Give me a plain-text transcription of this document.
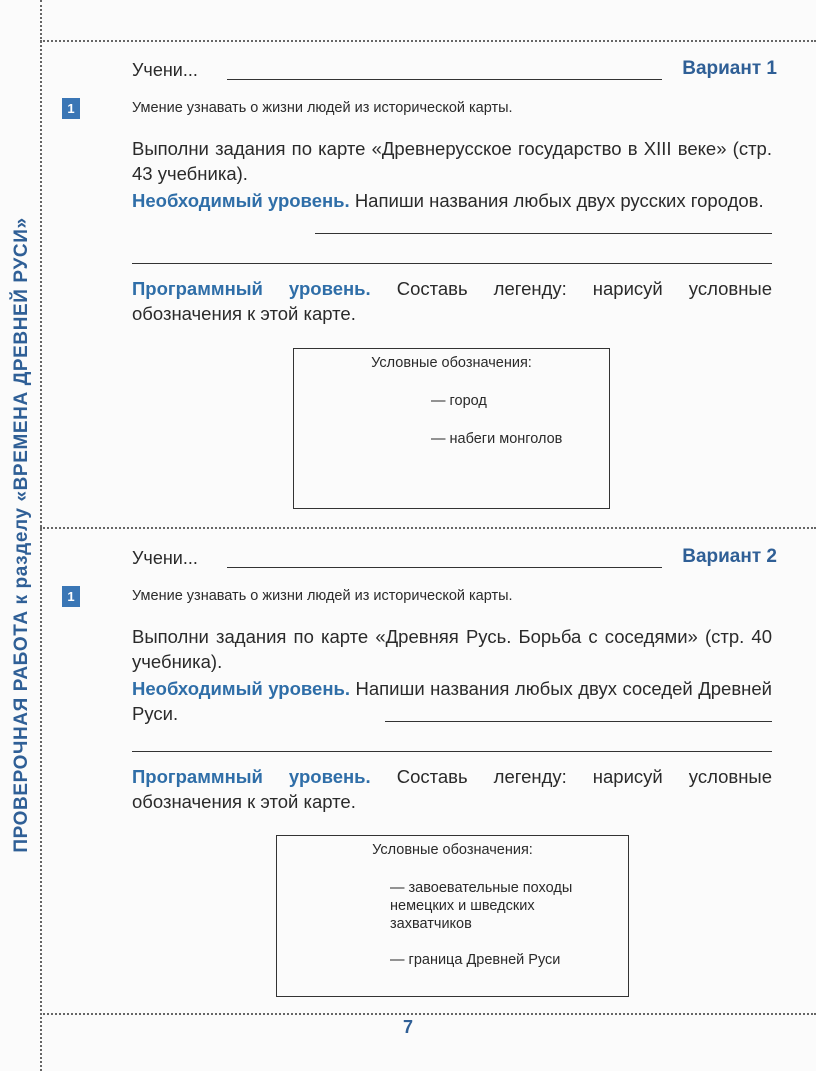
ПРОВЕРОЧНАЯ РАБОТА к разделу «ВРЕМЕНА ДРЕВНЕЙ РУСИ»
Учени...	Вариант 1
1	Умение узнавать о жизни людей из исторической карты.
Выполни задания по карте «Древнерусское государство в XIII веке» (стр. 43 учебника).
Необходимый уровень. Напиши названия любых двух русских городов.
Программный уровень. Составь легенду: нарисуй условные обозначения к этой карте.
Условные обозначения:
— город
— набеги монголов
Учени...	Вариант 2
1	Умение узнавать о жизни людей из исторической карты.
Выполни задания по карте «Древняя Русь. Борьба с соседями» (стр. 40 учебника).
Необходимый уровень. Напиши названия любых двух соседей Древней Руси.
Программный уровень. Составь легенду: нарисуй условные обозначения к этой карте.
Условные обозначения:
— завоевательные походы немецких и шведских захватчиков
— граница Древней Руси
7
